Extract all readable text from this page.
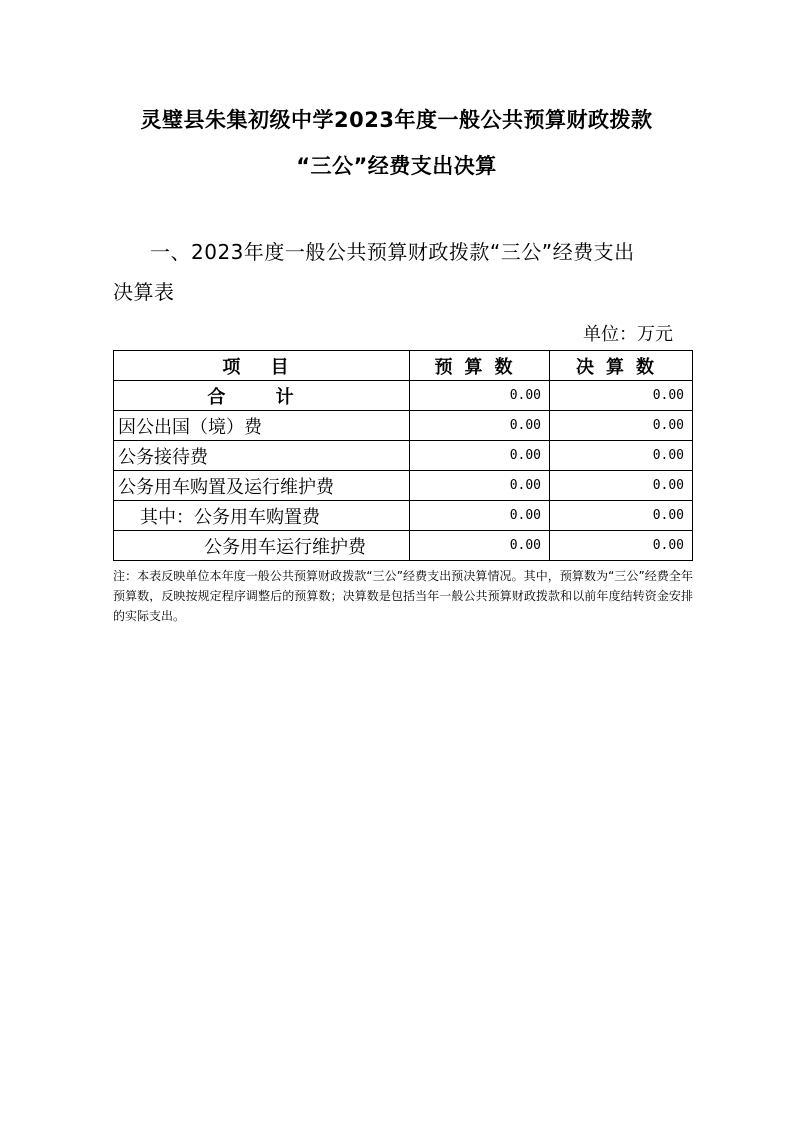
灵璧县朱集初级中学2023年度一般公共预算财政拨款
“三公”经费支出决算
一、2023年度一般公共预算财政拨款“三公”经费支出
决算表
单位：万元
项 目	预算数	决算数
合 计	0.00	0.00
因公出国（境）费	0.00	0.00
公务接待费	0.00	0.00
公务用车购置及运行维护费	0.00	0.00
其中：公务用车购置费	0.00	0.00
公务用车运行维护费	0.00	0.00
注：本表反映单位本年度一般公共预算财政拨款“三公”经费支出预决算情况。其中，预算数为“三公”经费全年预算数，反映按规定程序调整后的预算数；决算数是包括当年一般公共预算财政拨款和以前年度结转资金安排的实际支出。
